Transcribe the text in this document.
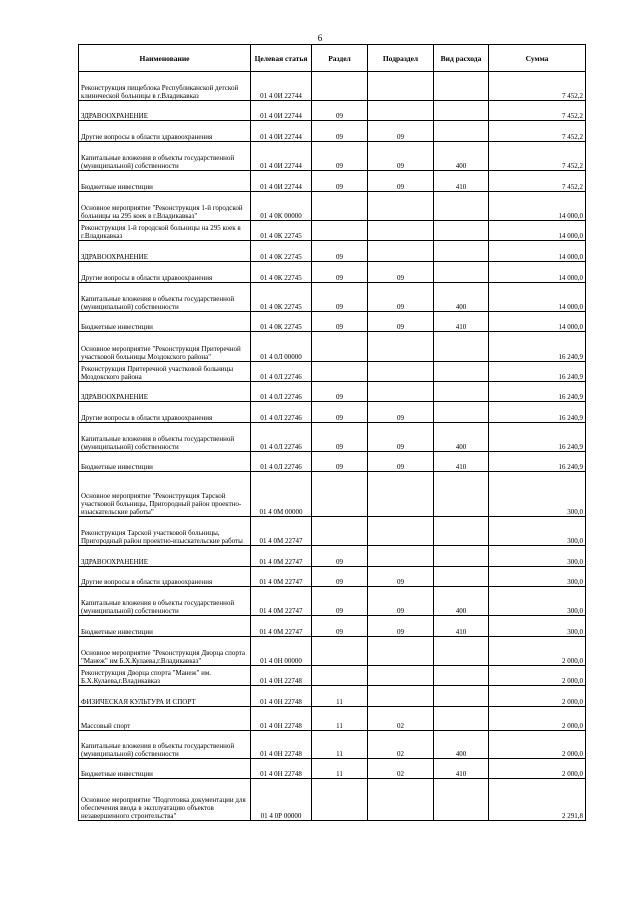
6
Наименование	Целевая статья	Раздел	Подраздел	Вид расхода	Сумма
Реконструкция пищеблока Республиканской детской клинической больницы в г.Владикавказ	01 4 0И 22744				7 452,2
ЗДРАВООХРАНЕНИЕ	01 4 0И 22744	09			7 452,2
Другие вопросы в области здравоохранения	01 4 0И 22744	09	09		7 452,2
Капитальные вложения в объекты государственной (муниципальной) собственности	01 4 0И 22744	09	09	400	7 452,2
Бюджетные инвестиции	01 4 0И 22744	09	09	410	7 452,2
Основное мероприятие "Реконструкция 1-й городской больницы на 295 коек в г.Владикавказ"	01 4 0К 00000				14 000,0
Реконструкция 1-й городской больницы на 295 коек в г.Владикавказ	01 4 0К 22745				14 000,0
ЗДРАВООХРАНЕНИЕ	01 4 0К 22745	09			14 000,0
Другие вопросы в области здравоохранения	01 4 0К 22745	09	09		14 000,0
Капитальные вложения в объекты государственной (муниципальной) собственности	01 4 0К 22745	09	09	400	14 000,0
Бюджетные инвестиции	01 4 0К 22745	09	09	410	14 000,0
Основное мероприятие "Реконструкция Притеречной участковой больницы Моздокского района"	01 4 0Л 00000				16 240,9
Реконструкция Притеречной участковой больницы Моздокского района	01 4 0Л 22746				16 240,9
ЗДРАВООХРАНЕНИЕ	01 4 0Л 22746	09			16 240,9
Другие вопросы в области здравоохранения	01 4 0Л 22746	09	09		16 240,9
Капитальные вложения в объекты государственной (муниципальной) собственности	01 4 0Л 22746	09	09	400	16 240,9
Бюджетные инвестиции	01 4 0Л 22746	09	09	410	16 240,9
Основное мероприятие "Реконструкция Тарской участковой больницы, Пригородный район проектно-изыскательские работы"	01 4 0М 00000				300,0
Реконструкция Тарской участковой больницы, Пригородный район проектно-изыскательские работы	01 4 0М 22747				300,0
ЗДРАВООХРАНЕНИЕ	01 4 0М 22747	09			300,0
Другие вопросы в области здравоохранения	01 4 0М 22747	09	09		300,0
Капитальные вложения в объекты государственной (муниципальной) собственности	01 4 0М 22747	09	09	400	300,0
Бюджетные инвестиции	01 4 0М 22747	09	09	410	300,0
Основное мероприятие "Реконструкция Дворца спорта "Манеж" им Б.Х.Кулаева,г.Владикавказ"	01 4 0Н 00000				2 000,0
Реконструкция Дворца спорта "Манеж" им. Б.Х.Кулаева,г.Владикавказ	01 4 0Н 22748				2 000,0
ФИЗИЧЕСКАЯ КУЛЬТУРА И СПОРТ	01 4 0Н 22748	11			2 000,0
Массовый спорт	01 4 0Н 22748	11	02		2 000,0
Капитальные вложения в объекты государственной (муниципальной) собственности	01 4 0Н 22748	11	02	400	2 000,0
Бюджетные инвестиции	01 4 0Н 22748	11	02	410	2 000,0
Основное мероприятие "Подготовка документации для обеспечения ввода в эксплуатацию объектов незавершенного строительства"	01 4 0Р 00000				2 291,8
